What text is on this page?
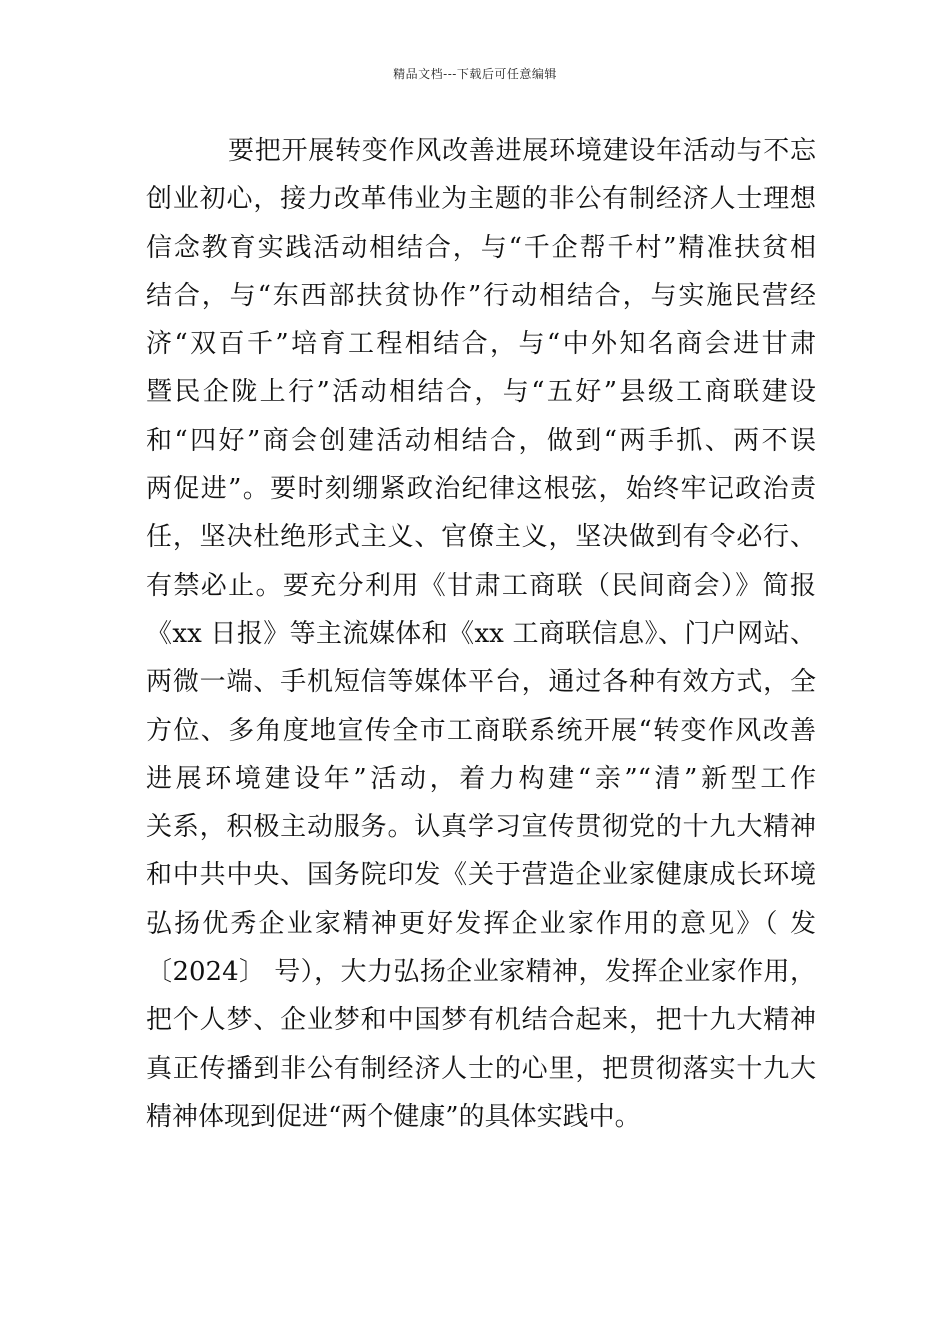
精品文档---下载后可任意编辑
要把开展转变作风改善进展环境建设年活动与不忘
创业初心，接力改革伟业为主题的非公有制经济人士理想
信念教育实践活动相结合，与“千企帮千村”精准扶贫相
结合，与“东西部扶贫协作”行动相结合，与实施民营经
济“双百千”培育工程相结合，与“中外知名商会进甘肃
暨民企陇上行”活动相结合，与“五好”县级工商联建设
和“四好”商会创建活动相结合，做到“两手抓、两不误
两促进”。要时刻绷紧政治纪律这根弦，始终牢记政治责
任，坚决杜绝形式主义、官僚主义，坚决做到有令必行、
有禁必止。要充分利用《甘肃工商联（民间商会）》简报
《xx 日报》等主流媒体和《xx 工商联信息》、门户网站、
两微一端、手机短信等媒体平台，通过各种有效方式，全
方位、多角度地宣传全市工商联系统开展“转变作风改善
进展环境建设年”活动，着力构建“亲”“清”新型工作
关系，积极主动服务。认真学习宣传贯彻党的十九大精神
和中共中央、国务院印发《关于营造企业家健康成长环境
弘扬优秀企业家精神更好发挥企业家作用的意见》（ 发
〔2024〕 号），大力弘扬企业家精神，发挥企业家作用，
把个人梦、企业梦和中国梦有机结合起来，把十九大精神
真正传播到非公有制经济人士的心里，把贯彻落实十九大
精神体现到促进“两个健康”的具体实践中。
